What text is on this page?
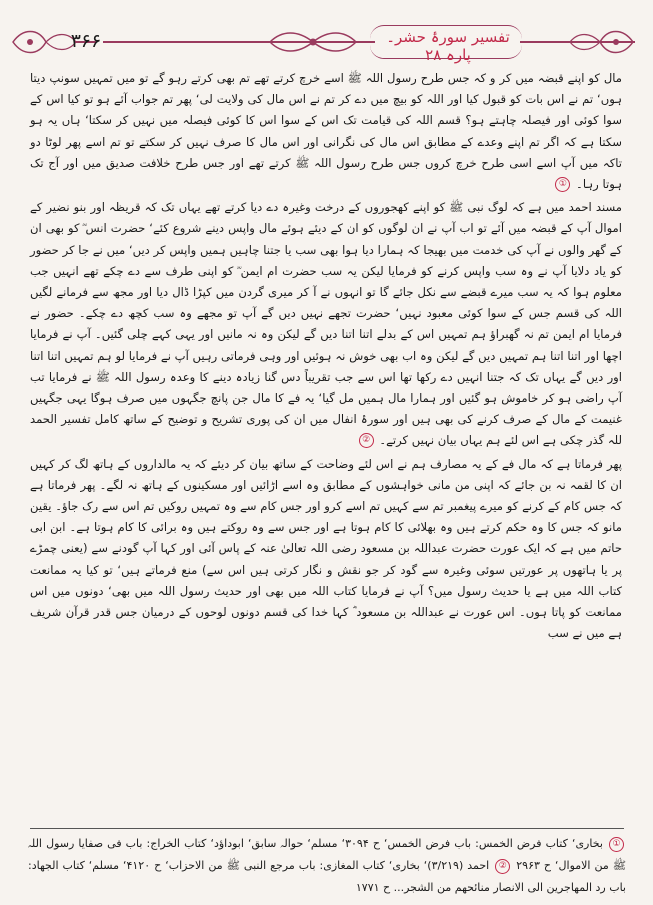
۳۶۶	تفسیر سورۂ حشر۔ پارہ ۲۸

مال کو اپنے قبضہ میں کر و کہ جس طرح رسول اللہ ﷺ اسے خرچ کرتے تھے تم بھی کرتے رہو گے تو میں تمہیں سونپ دیتا ہوں‘ تم نے اس بات کو قبول کیا اور اللہ کو بیچ میں دے کر تم نے اس مال کی ولایت لی‘ پھر تم جواب آئے ہو تو کیا اس کے سوا کوئی اور فیصلہ چاہتے ہو؟ قسم اللہ کی قیامت تک اس کے سوا اس کا کوئی فیصلہ میں نہیں کر سکتا‘ ہاں یہ ہو سکتا ہے کہ اگر تم اپنے وعدے کے مطابق اس مال کی نگرانی اور اس مال کا صرف نہیں کر سکتے تو تم اسے پھر لوٹا دو تاکہ میں آپ اسے اسی طرح خرچ کروں جس طرح رسول اللہ ﷺ کرتے تھے اور جس طرح خلافت صدیق میں اور آج تک ہوتا رہا۔ ①

مسند احمد میں ہے کہ لوگ نبی ﷺ کو اپنے کھجوروں کے درخت وغیرہ دے دیا کرتے تھے یہاں تک کہ قریظہ اور بنو نضیر کے اموال آپ کے قبضہ میں آئے تو اب آپ نے ان لوگوں کو ان کے دیئے ہوئے مال واپس دینے شروع کئے‘ حضرت انس ؓ کو بھی ان کے گھر والوں نے آپ کی خدمت میں بھیجا کہ ہمارا دیا ہوا بھی سب یا جتنا چاہیں ہمیں واپس کر دیں‘ میں نے جا کر حضور کو یاد دلایا آپ نے وہ سب واپس کرنے کو فرمایا لیکن یہ سب حضرت ام ایمن ؓ کو اپنی طرف سے دے چکے تھے انہیں جب معلوم ہوا کہ یہ سب میرے قبضے سے نکل جائے گا تو انہوں نے آ کر میری گردن میں کپڑا ڈال دیا اور مجھ سے فرمانے لگیں اللہ کی قسم جس کے سوا کوئی معبود نہیں‘ حضرت تجھے نہیں دیں گے آپ تو مجھے وہ سب کچھ دے چکے۔ حضور نے فرمایا ام ایمن تم نہ گھبراؤ ہم تمہیں اس کے بدلے اتنا اتنا دیں گے لیکن وہ نہ مانیں اور یہی کہے چلی گئیں۔ آپ نے فرمایا اچھا اور اتنا اتنا ہم تمہیں دیں گے لیکن وہ اب بھی خوش نہ ہوئیں اور وہی فرماتی رہیں آپ نے فرمایا لو ہم تمہیں اتنا اتنا اور دیں گے یہاں تک کہ جتنا انہیں دے رکھا تھا اس سے جب تقریباً دس گنا زیادہ دینے کا وعدہ رسول اللہ ﷺ نے فرمایا تب آپ راضی ہو کر خاموش ہو گئیں اور ہمارا مال ہمیں مل گیا‘ یہ فے کا مال جن پانچ جگہوں میں صرف ہوگا یہی جگہیں غنیمت کے مال کے صرف کرنے کی بھی ہیں اور سورۂ انفال میں ان کی پوری تشریح و توضیح کے ساتھ کامل تفسیر الحمد للہ گذر چکی ہے اس لئے ہم یہاں بیان نہیں کرتے۔ ②

پھر فرماتا ہے کہ مال فے کے یہ مصارف ہم نے اس لئے وضاحت کے ساتھ بیان کر دیئے کہ یہ مالداروں کے ہاتھ لگ کر کہیں ان کا لقمہ نہ بن جائے کہ اپنی من مانی خواہشوں کے مطابق وہ اسے اڑائیں اور مسکینوں کے ہاتھ نہ لگے۔ پھر فرماتا ہے کہ جس کام کے کرنے کو میرے پیغمبر تم سے کہیں تم اسے کرو اور جس کام سے وہ تمہیں روکیں تم اس سے رک جاؤ۔ یقین مانو کہ جس کا وہ حکم کرتے ہیں وہ بھلائی کا کام ہوتا ہے اور جس سے وہ روکتے ہیں وہ برائی کا کام ہوتا ہے۔ ابن ابی حاتم میں ہے کہ ایک عورت حضرت عبداللہ بن مسعود رضی اللہ تعالیٰ عنہ کے پاس آئی اور کہا آپ گودنے سے (یعنی چمڑے پر یا ہاتھوں پر عورتیں سوئی وغیرہ سے گود کر جو نقش و نگار کرتی ہیں اس سے) منع فرماتے ہیں‘ تو کیا یہ ممانعت کتاب اللہ میں ہے یا حدیث رسول میں؟ آپ نے فرمایا کتاب اللہ میں بھی اور حدیث رسول اللہ میں بھی‘ دونوں میں اس ممانعت کو پاتا ہوں۔ اس عورت نے عبداللہ بن مسعود ؓ کہا خدا کی قسم دونوں لوحوں کے درمیان جس قدر قرآن شریف ہے میں نے سب

① بخاری‘ کتاب فرض الخمس: باب فرض الخمس‘ ح ۳۰۹۴‘ مسلم‘ حوالہ سابق‘ ابوداؤد‘ کتاب الخراج: باب فی صفایا رسول اللہ ﷺ من الاموال‘ ح ۲۹۶۳ ② احمد (۳/۲۱۹)‘ بخاری‘ کتاب المغازی: باب مرجع النبی ﷺ من الاحزاب‘ ح ۴۱۲۰‘ مسلم‘ کتاب الجهاد: باب رد المهاجرین الی الانصار منائحهم من الشجر... ح ۱۷۷۱
